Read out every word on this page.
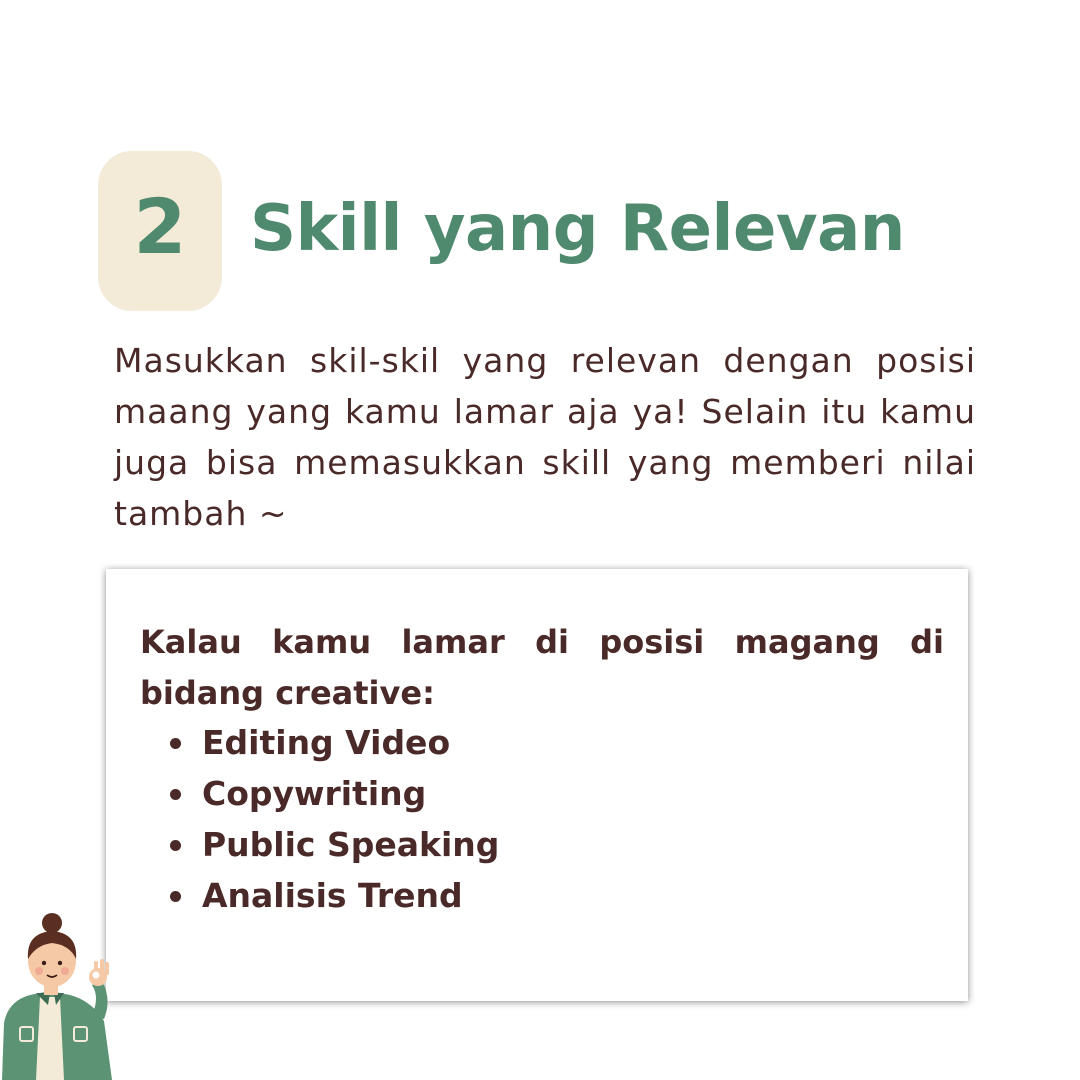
2 Skill yang Relevan

Masukkan skil-skil yang relevan dengan posisi maang yang kamu lamar aja ya! Selain itu kamu juga bisa memasukkan skill yang memberi nilai tambah ~

Kalau kamu lamar di posisi magang di bidang creative:

Editing Video
Copywriting
Public Speaking
Analisis Trend
